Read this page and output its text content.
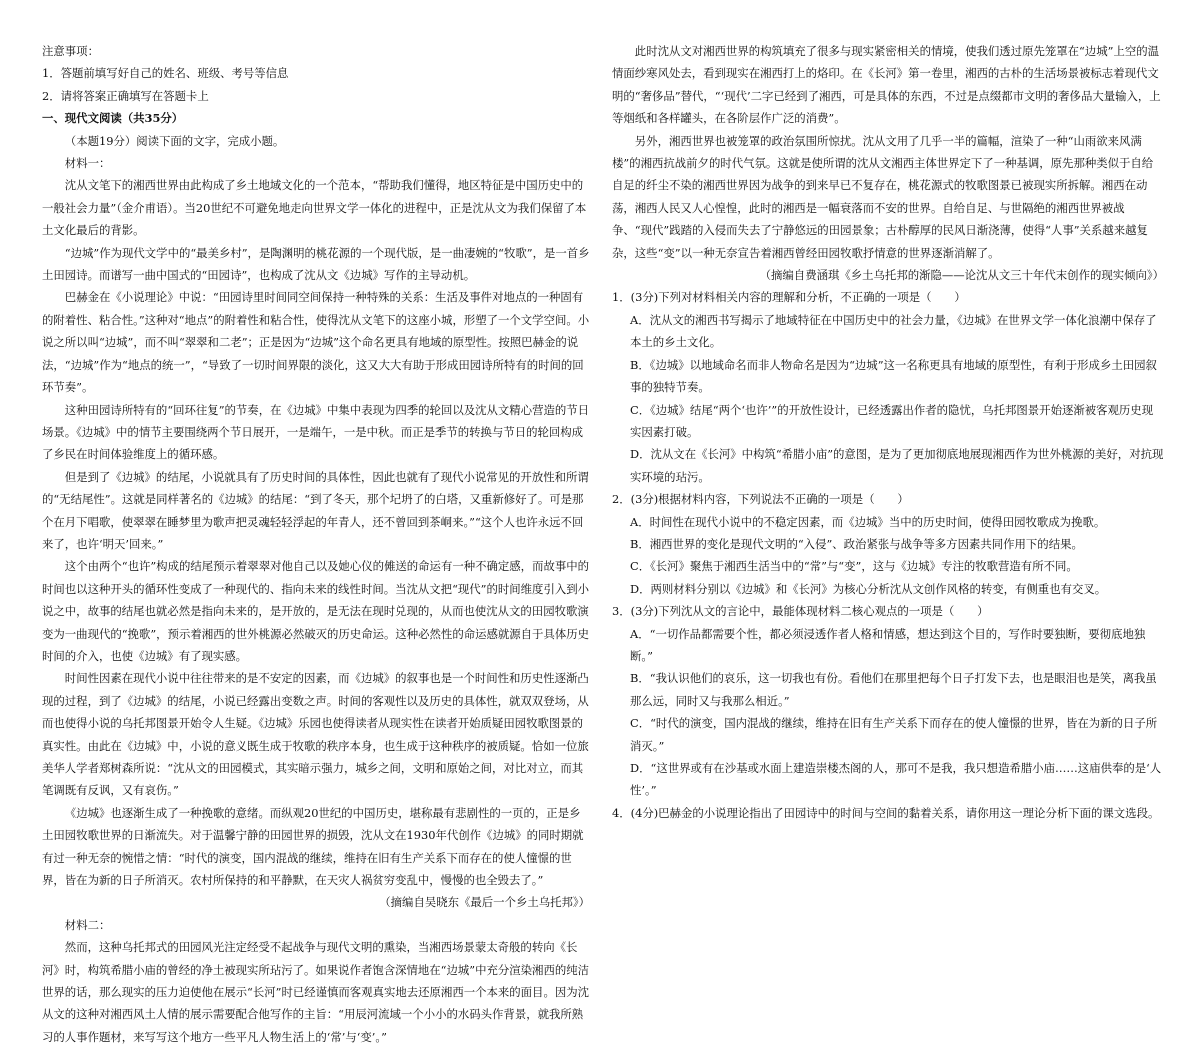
注意事项：

1．答题前填写好自己的姓名、班级、考号等信息

2．请将答案正确填写在答题卡上

一、现代文阅读（共35分）

（本题19分）阅读下面的文字，完成小题。

材料一：

沈从文笔下的湘西世界由此构成了乡土地域文化的一个范本，“帮助我们懂得，地区特征是中国历史中的一般社会力量”（金介甫语）。当20世纪不可避免地走向世界文学一体化的进程中，正是沈从文为我们保留了本土文化最后的背影。

“边城”作为现代文学中的“最美乡村”，是陶渊明的桃花源的一个现代版，是一曲凄婉的“牧歌”，是一首乡土田园诗。而谱写一曲中国式的“田园诗”，也构成了沈从文《边城》写作的主导动机。

巴赫金在《小说理论》中说：“田园诗里时间同空间保持一种特殊的关系：生活及事件对地点的一种固有的附着性、粘合性。”这种对“地点”的附着性和粘合性，使得沈从文笔下的这座小城，形塑了一个文学空间。小说之所以叫“边城”，而不叫“翠翠和二老”；正是因为“边城”这个命名更具有地域的原型性。按照巴赫金的说法，“边城”作为“地点的统一”，“导致了一切时间界限的淡化，这又大大有助于形成田园诗所特有的时间的回环节奏”。

这种田园诗所特有的“回环往复”的节奏，在《边城》中集中表现为四季的轮回以及沈从文精心营造的节日场景。《边城》中的情节主要围绕两个节日展开，一是端午，一是中秋。而正是季节的转换与节日的轮回构成了乡民在时间体验维度上的循环感。

但是到了《边城》的结尾，小说就具有了历史时间的具体性，因此也就有了现代小说常见的开放性和所谓的“无结尾性”。这就是同样著名的《边城》的结尾：“到了冬天，那个圮坍了的白塔，又重新修好了。可是那个在月下唱歌，使翠翠在睡梦里为歌声把灵魂轻轻浮起的年青人，还不曾回到茶峒来。”“这个人也许永远不回来了，也许‘明天’回来。”

这个由两个“也许”构成的结尾预示着翠翠对他自己以及她心仪的傩送的命运有一种不确定感，而故事中的时间也以这种开头的循环性变成了一种现代的、指向未来的线性时间。当沈从文把“现代”的时间维度引入到小说之中，故事的结尾也就必然是指向未来的，是开放的，是无法在现时兑现的，从而也使沈从文的田园牧歌演变为一曲现代的“挽歌”，预示着湘西的世外桃源必然破灭的历史命运。这种必然性的命运感就源自于具体历史时间的介入，也使《边城》有了现实感。

时间性因素在现代小说中往往带来的是不安定的因素，而《边城》的叙事也是一个时间性和历史性逐渐凸现的过程，到了《边城》的结尾，小说已经露出变数之声。时间的客观性以及历史的具体性，就双双登场，从而也使得小说的乌托邦图景开始令人生疑。《边城》乐园也使得读者从现实性在读者开始质疑田园牧歌图景的真实性。由此在《边城》中，小说的意义既生成于牧歌的秩序本身，也生成于这种秩序的被质疑。恰如一位旅美华人学者郑树森所说：“沈从文的田园模式，其实暗示强力，城乡之间，文明和原始之间，对比对立，而其笔调既有反讽，又有哀伤。”

《边城》也逐渐生成了一种挽歌的意绪。而纵观20世纪的中国历史，堪称最有悲剧性的一页的，正是乡土田园牧歌世界的日渐流失。对于温馨宁静的田园世界的损毁，沈从文在1930年代创作《边城》的同时期就有过一种无奈的惋惜之情：“时代的演变，国内混战的继续，维持在旧有生产关系下而存在的使人憧憬的世界，皆在为新的日子所消灭。农村所保持的和平静默，在天灾人祸贫穷变乱中，慢慢的也全毁去了。”

（摘编自吴晓东《最后一个乡土乌托邦》）

材料二：

然而，这种乌托邦式的田园风光注定经受不起战争与现代文明的熏染，当湘西场景蒙太奇般的转向《长河》时，构筑希腊小庙的曾经的净土被现实所玷污了。如果说作者饱含深情地在“边城”中充分渲染湘西的纯洁世界的话，那么现实的压力迫使他在展示“长河”时已经谨慎而客观真实地去还原湘西一个本来的面目。因为沈从文的这种对湘西风土人情的展示需要配合他写作的主旨：“用辰河流域一个小小的水码头作背景，就我所熟习的人事作题材，来写写这个地方一些平凡人物生活上的‘常’与‘变’。”

此时沈从文对湘西世界的构筑填充了很多与现实紧密相关的情境，使我们透过原先笼罩在“边城”上空的温情面纱寒风处去，看到现实在湘西打上的烙印。在《长河》第一卷里，湘西的古朴的生活场景被标志着现代文明的“奢侈品”替代，“‘现代’二字已经到了湘西，可是具体的东西，不过是点缀都市文明的奢侈品大量输入，上等烟纸和各样罐头，在各阶层作广泛的消费”。

另外，湘西世界也被笼罩的政治氛围所惊扰。沈从文用了几乎一半的篇幅，渲染了一种“山雨欲来风满楼”的湘西抗战前夕的时代气氛。这就是使所谓的沈从文湘西主体世界定下了一种基调，原先那种类似于自给自足的纤尘不染的湘西世界因为战争的到来早已不复存在，桃花源式的牧歌图景已被现实所拆解。湘西在动荡，湘西人民又人心惶惶，此时的湘西是一幅衰落而不安的世界。自给自足、与世隔绝的湘西世界被战争、“现代”践踏的入侵而失去了宁静悠远的田园景象；古朴醇厚的民风日渐浇薄，使得“人事”关系越来越复杂，这些“变”以一种无奈宣告着湘西曾经田园牧歌抒情意的世界逐渐消解了。

（摘编自费涵琪《乡土乌托邦的渐隐——论沈从文三十年代末创作的现实倾向》）

1．(3分)下列对材料相关内容的理解和分析，不正确的一项是（　　）

A．沈从文的湘西书写揭示了地域特征在中国历史中的社会力量，《边城》在世界文学一体化浪潮中保存了本土的乡土文化。

B．《边城》以地域命名而非人物命名是因为“边城”这一名称更具有地域的原型性，有利于形成乡土田园叙事的独特节奏。

C．《边城》结尾“两个‘也许’”的开放性设计，已经透露出作者的隐忧，乌托邦图景开始逐渐被客观历史现实因素打破。

D．沈从文在《长河》中构筑“希腊小庙”的意图，是为了更加彻底地展现湘西作为世外桃源的美好，对抗现实环境的玷污。

2．(3分)根据材料内容，下列说法不正确的一项是（　　）

A．时间性在现代小说中的不稳定因素，而《边城》当中的历史时间，使得田园牧歌成为挽歌。

B．湘西世界的变化是现代文明的“入侵”、政治紧张与战争等多方因素共同作用下的结果。

C．《长河》聚焦于湘西生活当中的“常”与“变”，这与《边城》专注的牧歌营造有所不同。

D．两则材料分别以《边城》和《长河》为核心分析沈从文创作风格的转变，有侧重也有交叉。

3．(3分)下列沈从文的言论中，最能体现材料二核心观点的一项是（　　）

A．“一切作品都需要个性，都必须浸透作者人格和情感，想达到这个目的，写作时要独断，要彻底地独断。”

B．“我认识他们的哀乐，这一切我也有份。看他们在那里把每个日子打发下去，也是眼泪也是笑，离我虽那么远，同时又与我那么相近。”

C．“时代的演变，国内混战的继续，维持在旧有生产关系下而存在的使人憧憬的世界，皆在为新的日子所消灭。”

D．“这世界或有在沙基或水面上建造崇楼杰阁的人，那可不是我，我只想造希腊小庙……这庙供奉的是‘人性’。”

4．(4分)巴赫金的小说理论指出了田园诗中的时间与空间的黏着关系，请你用这一理论分析下面的课文选段。
